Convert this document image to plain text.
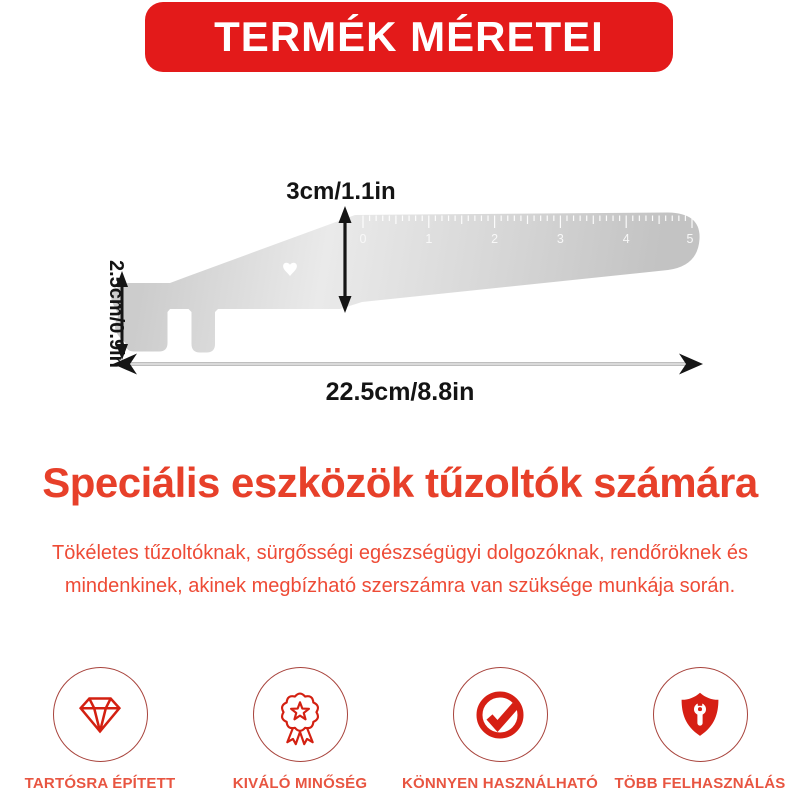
TERMÉK MÉRETEI
0	1	2	3	4	5
3cm/1.1in
2.5cm/0.9in
22.5cm/8.8in
Speciális eszközök tűzoltók számára
Tökéletes tűzoltóknak, sürgősségi egészségügyi dolgozóknak, rendőröknek és
mindenkinek, akinek megbízható szerszámra van szüksége munkája során.
TARTÓSRA ÉPÍTETT	KIVÁLÓ MINŐSÉG KÖNNYEN HASZNÁLHATÓ TÖBB FELHASZNÁLÁS
